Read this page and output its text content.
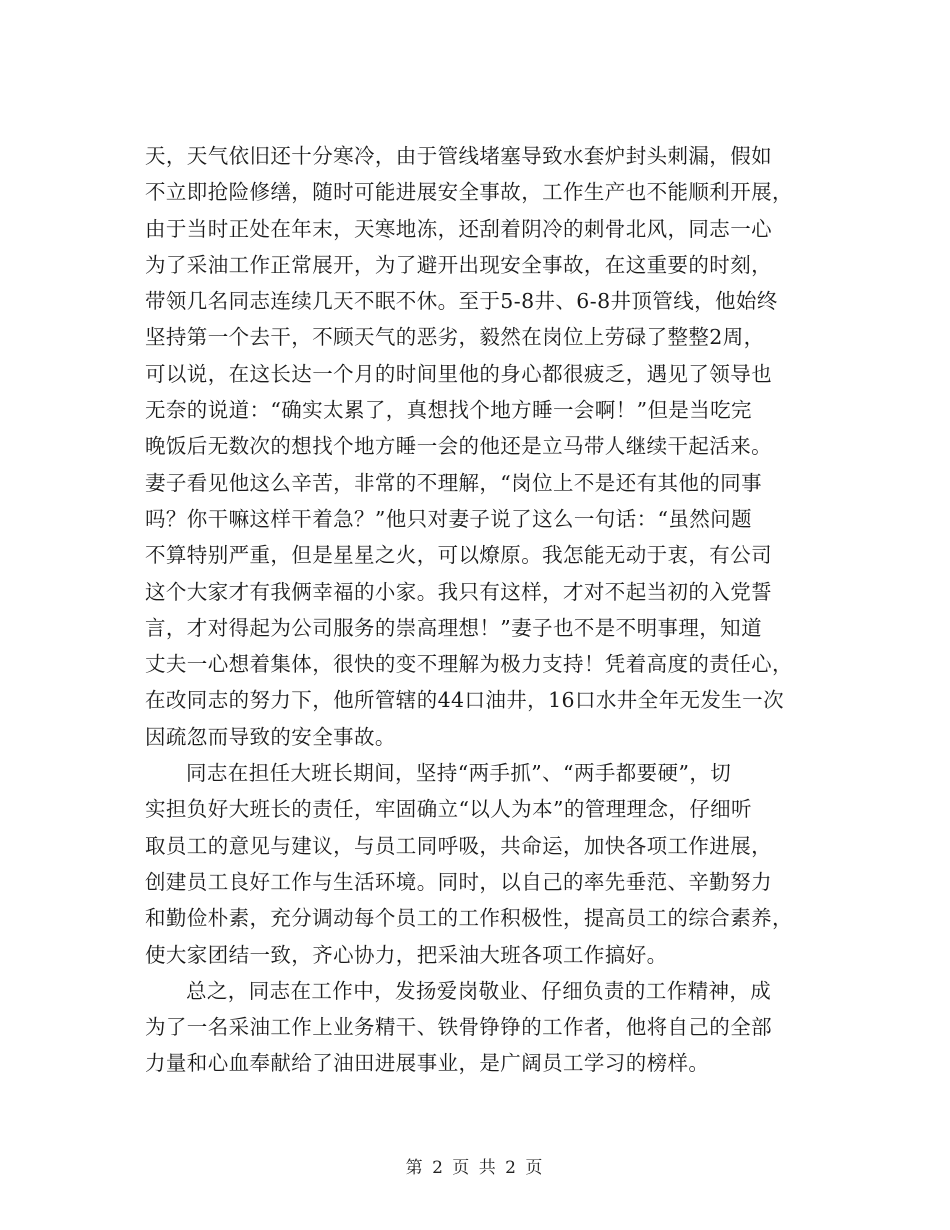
天，天气依旧还十分寒冷，由于管线堵塞导致水套炉封头刺漏，假如
不立即抢险修缮，随时可能进展安全事故，工作生产也不能顺利开展，
由于当时正处在年末，天寒地冻，还刮着阴冷的刺骨北风，同志一心
为了采油工作正常展开，为了避开出现安全事故，在这重要的时刻，
带领几名同志连续几天不眠不休。至于5-8井、6-8井顶管线，他始终
坚持第一个去干，不顾天气的恶劣，毅然在岗位上劳碌了整整2周，
可以说，在这长达一个月的时间里他的身心都很疲乏，遇见了领导也
无奈的说道：“确实太累了，真想找个地方睡一会啊！”但是当吃完
晚饭后无数次的想找个地方睡一会的他还是立马带人继续干起活来。
妻子看见他这么辛苦，非常的不理解，“岗位上不是还有其他的同事
吗？你干嘛这样干着急？”他只对妻子说了这么一句话：“虽然问题
不算特别严重，但是星星之火，可以燎原。我怎能无动于衷，有公司
这个大家才有我俩幸福的小家。我只有这样，才对不起当初的入党誓
言，才对得起为公司服务的崇高理想！”妻子也不是不明事理，知道
丈夫一心想着集体，很快的变不理解为极力支持！凭着高度的责任心，
在改同志的努力下，他所管辖的44口油井，16口水井全年无发生一次
因疏忽而导致的安全事故。

同志在担任大班长期间，坚持“两手抓”、“两手都要硬”，切
实担负好大班长的责任，牢固确立“以人为本”的管理理念，仔细听
取员工的意见与建议，与员工同呼吸，共命运，加快各项工作进展，
创建员工良好工作与生活环境。同时，以自己的率先垂范、辛勤努力
和勤俭朴素，充分调动每个员工的工作积极性，提高员工的综合素养，
使大家团结一致，齐心协力，把采油大班各项工作搞好。

总之，同志在工作中，发扬爱岗敬业、仔细负责的工作精神，成
为了一名采油工作上业务精干、铁骨铮铮的工作者，他将自己的全部
力量和心血奉献给了油田进展事业，是广阔员工学习的榜样。

第 2 页 共 2 页
